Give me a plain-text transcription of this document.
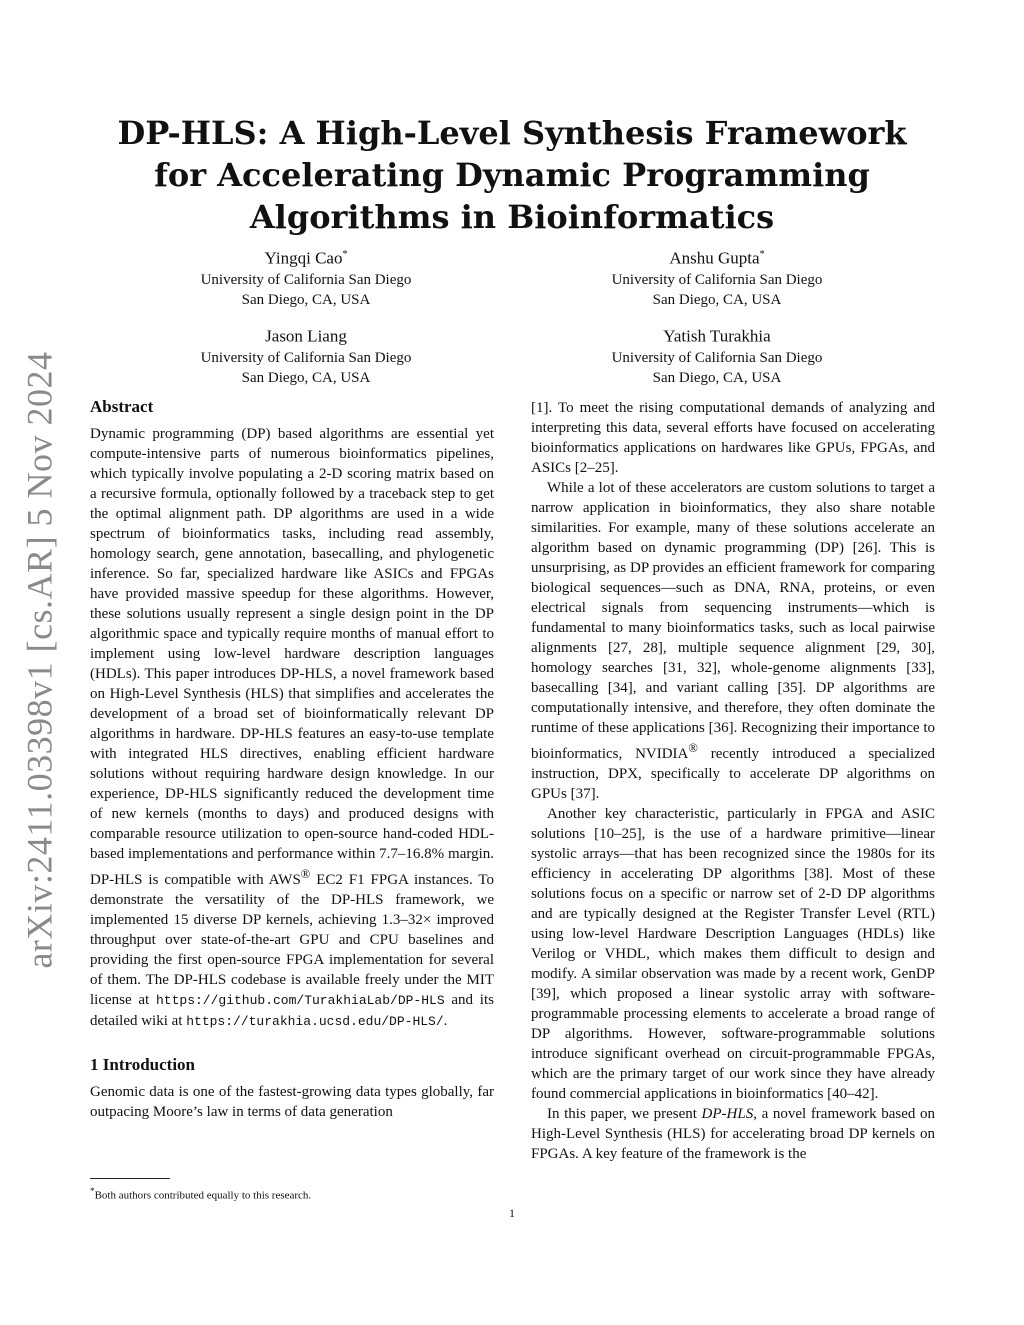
arXiv:2411.03398v1 [cs.AR] 5 Nov 2024
DP-HLS: A High-Level Synthesis Framework for Accelerating Dynamic Programming Algorithms in Bioinformatics
Yingqi Cao*
University of California San Diego
San Diego, CA, USA
Anshu Gupta*
University of California San Diego
San Diego, CA, USA
Jason Liang
University of California San Diego
San Diego, CA, USA
Yatish Turakhia
University of California San Diego
San Diego, CA, USA
Abstract

Dynamic programming (DP) based algorithms are essential yet compute-intensive parts of numerous bioinformatics pipelines, which typically involve populating a 2-D scoring matrix based on a recursive formula, optionally followed by a traceback step to get the optimal alignment path. DP algorithms are used in a wide spectrum of bioinformatics tasks, including read assembly, homology search, gene annotation, basecalling, and phylogenetic inference. So far, specialized hardware like ASICs and FPGAs have provided massive speedup for these algorithms. However, these solutions usually represent a single design point in the DP algorithmic space and typically require months of manual effort to implement using low-level hardware description languages (HDLs). This paper introduces DP-HLS, a novel framework based on High-Level Synthesis (HLS) that simplifies and accelerates the development of a broad set of bioinformatically relevant DP algorithms in hardware. DP-HLS features an easy-to-use template with integrated HLS directives, enabling efficient hardware solutions without requiring hardware design knowledge. In our experience, DP-HLS significantly reduced the development time of new kernels (months to days) and produced designs with comparable resource utilization to open-source hand-coded HDL-based implementations and performance within 7.7–16.8% margin. DP-HLS is compatible with AWS® EC2 F1 FPGA instances. To demonstrate the versatility of the DP-HLS framework, we implemented 15 diverse DP kernels, achieving 1.3–32× improved throughput over state-of-the-art GPU and CPU baselines and providing the first open-source FPGA implementation for several of them. The DP-HLS codebase is available freely under the MIT license at https://github.com/TurakhiaLab/DP-HLS and its detailed wiki at https://turakhia.ucsd.edu/DP-HLS/.

1 Introduction

Genomic data is one of the fastest-growing data types globally, far outpacing Moore’s law in terms of data generation

[1]. To meet the rising computational demands of analyzing and interpreting this data, several efforts have focused on accelerating bioinformatics applications on hardwares like GPUs, FPGAs, and ASICs [2–25].

While a lot of these accelerators are custom solutions to target a narrow application in bioinformatics, they also share notable similarities. For example, many of these solutions accelerate an algorithm based on dynamic programming (DP) [26]. This is unsurprising, as DP provides an efficient framework for comparing biological sequences—such as DNA, RNA, proteins, or even electrical signals from sequencing instruments—which is fundamental to many bioinformatics tasks, such as local pairwise alignments [27, 28], multiple sequence alignment [29, 30], homology searches [31, 32], whole-genome alignments [33], basecalling [34], and variant calling [35]. DP algorithms are computationally intensive, and therefore, they often dominate the runtime of these applications [36]. Recognizing their importance to bioinformatics, NVIDIA® recently introduced a specialized instruction, DPX, specifically to accelerate DP algorithms on GPUs [37].

Another key characteristic, particularly in FPGA and ASIC solutions [10–25], is the use of a hardware primitive—linear systolic arrays—that has been recognized since the 1980s for its efficiency in accelerating DP algorithms [38]. Most of these solutions focus on a specific or narrow set of 2-D DP algorithms and are typically designed at the Register Transfer Level (RTL) using low-level Hardware Description Languages (HDLs) like Verilog or VHDL, which makes them difficult to design and modify. A similar observation was made by a recent work, GenDP [39], which proposed a linear systolic array with software-programmable processing elements to accelerate a broad range of DP algorithms. However, software-programmable solutions introduce significant overhead on circuit-programmable FPGAs, which are the primary target of our work since they have already found commercial applications in bioinformatics [40–42].

In this paper, we present DP-HLS, a novel framework based on High-Level Synthesis (HLS) for accelerating broad DP kernels on FPGAs. A key feature of the framework is the

*Both authors contributed equally to this research.
1
